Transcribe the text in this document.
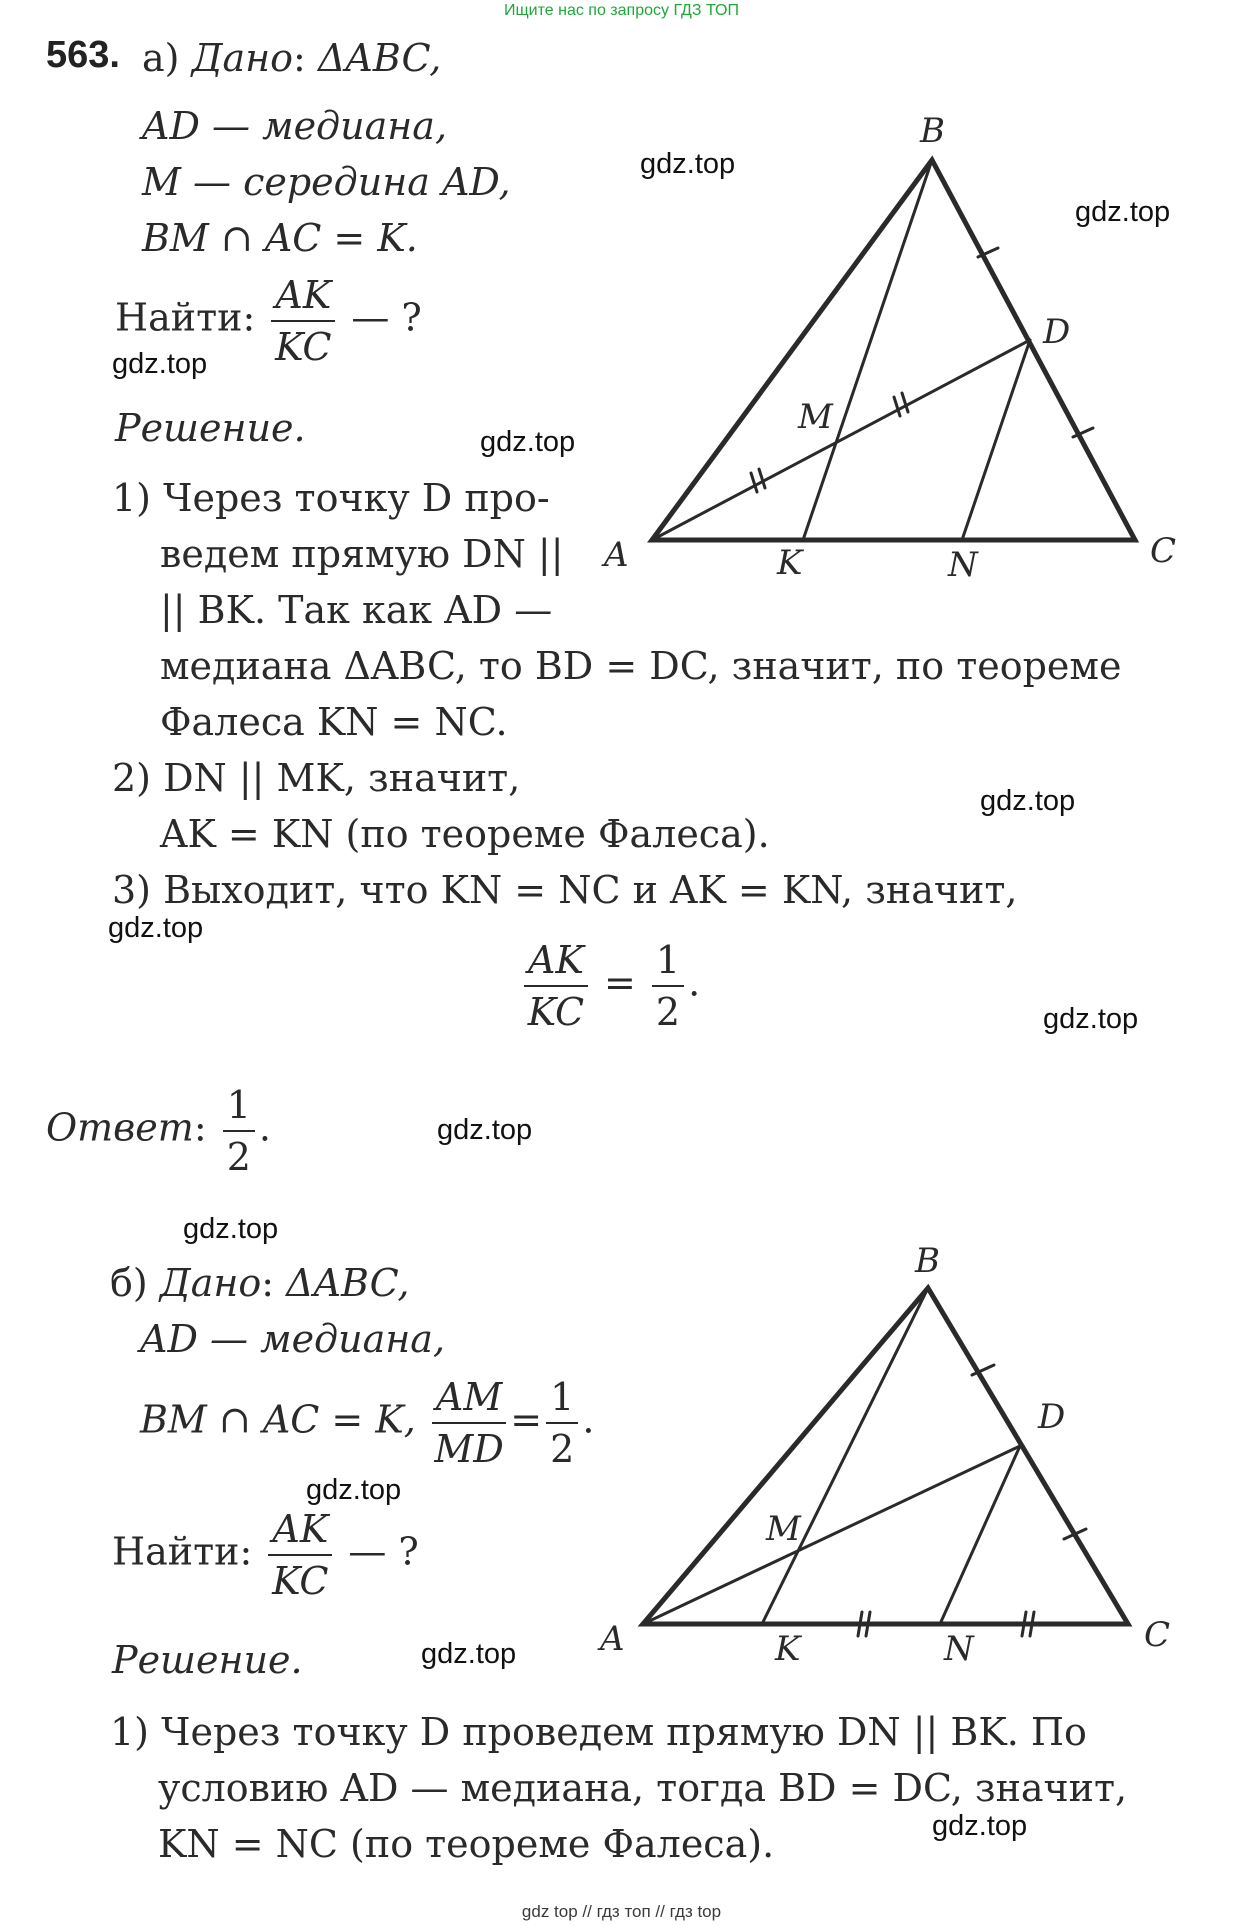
Ищите нас по запросу ГДЗ ТОП
gdz top // гдз топ // гдз top
gdz.top
gdz.top
gdz.top
gdz.top
gdz.top
gdz.top
gdz.top
gdz.top
gdz.top
gdz.top
gdz.top
gdz.top
563. а) Дано: ΔABC,
AD — медиана,
M — середина AD,
BM ∩ AC = K.
Найти: $\frac{AK}{KC}$ — ?
Решение.
1) Через точку D про-
ведем прямую DN ||
|| BK. Так как AD —
медиана ΔABC, то BD = DC, значит, по теореме
Фалеса KN = NC.
2) DN || MK, значит,
AK = KN (по теореме Фалеса).
3) Выходит, что KN = NC и AK = KN, значит,
$\frac{AK}{KC} = \frac{1}{2}$ .
Ответ: $\frac{1}{2}$ .
B
D
M
A	K	N	C
б) Дано: ΔABC,
AD — медиана,
BM ∩ AC = K, $\frac{AM}{MD} = \frac{1}{2}$ .
Найти: $\frac{AK}{KC}$ — ?
Решение.
1) Через точку D проведем прямую DN || BK. По
условию AD — медиана, тогда BD = DC, значит,
KN = NC (по теореме Фалеса).
B
D
M
A	K	N	C
